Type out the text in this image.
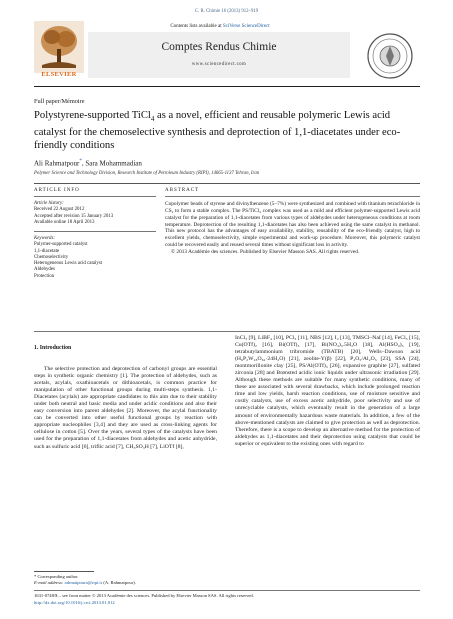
C. R. Chimie 16 (2013) 912–919
ELSEVIER
Contents lists available at SciVerse ScienceDirect
Comptes Rendus Chimie
www.sciencedirect.com
Full paper/Mémoire
Polystyrene-supported TiCl$_4$ as a novel, efficient and reusable polymeric Lewis acid catalyst for the chemoselective synthesis and deprotection of 1,1-diacetates under eco-friendly conditions
Ali Rahmatpour*, Sara Mohammadian
Polymer Science and Technology Division, Research Institute of Petroleum Industry (RIPI), 14665-1137 Tehran, Iran
ARTICLE INFO	ABSTRACT
Article history:
Received 22 August 2012
Accepted after revision 15 January 2013
Available online 18 April 2013
Keywords:
Polymer-supported catalyst
1,1-diacetate
Chemoselectivity
Heterogeneous Lewis acid catalyst
Aldehydes
Protection
Copolymer beads of styrene and divinylbenzene (5–7%) were synthesized and combined with titanium tetrachloride in CS₂ to form a stable complex. The PS/TiCl₄ complex was used as a mild and efficient polymer-supported Lewis acid catalyst for the preparation of 1,1-diacetates from various types of aldehydes under heterogeneous conditions at room temperature. Deprotection of the resulting 1,1-diacetates has also been achieved using the same catalyst in methanol. This new protocol has the advantages of easy availability, stability, reusability of the eco-friendly catalyst, high to excellent yields, chemoselectivity, simple experimental and work-up procedure. Moreover, this polymeric catalyst could be recovered easily and reused several times without significant loss in activity.
© 2013 Académie des sciences. Published by Elsevier Masson SAS. All rights reserved.
1. Introduction
The selective protection and deprotection of carbonyl groups are essential steps in synthetic organic chemistry [1]. The protection of aldehydes, such as acetals, acylals, oxathioacetals or dithioacetals, is common practice for manipulation of other functional groups during multi-steps synthesis. 1,1-Diacetates (acylals) are appropriate candidates to this aim due to their stability under both neutral and basic media and under acidic conditions and also their easy conversion into parent aldehydes [2]. Moreover, the acylal functionality can be converted into other useful functional groups by reaction with appropriate nucleophiles [3,4] and they are used as cross-linking agents for cellulose in cotton [5]. Over the years, several types of the catalysts have been used for the preparation of 1,1-diacetates from aldehydes and acetic anhydride, such as sulfuric acid [6], triflic acid [7], CH₃SO₃H [7], LiOTf [8],
InCl₃ [9], LiBF₄ [10], PCl₃ [11], NBS [12], I₂ [13], TMSCl–NaI [14], FeCl₃ [15], Cu(OTf)₂ [16], Bi(OTf)₃ [17], Bi(NO₃)₃.5H₂O [18], Al(HSO₄)₃ [19], tetrabutylammonium tribromide (TBATB) [20], Wells–Dawson acid (H₆P₂W₁₈O₆₂·24H₂O) [21], zeolite-Y(β) [22], P₂O₅/Al₂O₃ [23], SSA [24], montmorillonite clay [25], PS/Al(OTf)₃ [26], expansive graphite [27], sulfated zirconia [28] and Brønsted acidic ionic liquids under ultrasonic irradiation [29]. Although these methods are suitable for many synthetic conditions, many of these are associated with several drawbacks, which include prolonged reaction time and low yields, harsh reaction conditions, use of moisture sensitive and costly catalysts, use of excess acetic anhydride, poor selectivity and use of unrecyclable catalysts, which eventually result in the generation of a large amount of environmentally hazardous waste materials. In addition, a few of the above-mentioned catalysts are claimed to give protection as well as deprotection. Therefore, there is a scope to develop an alternative method for the protection of aldehydes as 1,1-diacetates and their deprotection using catalysts that could be superior or equivalent to the existing ones with regard to
* Corresponding author.
E-mail address: rahmatpoura@ripi.ir (A. Rahmatpour).
1631-0748/$ – see front matter © 2013 Académie des sciences. Published by Elsevier Masson SAS. All rights reserved.
http://dx.doi.org/10.1016/j.crci.2013.01.012
